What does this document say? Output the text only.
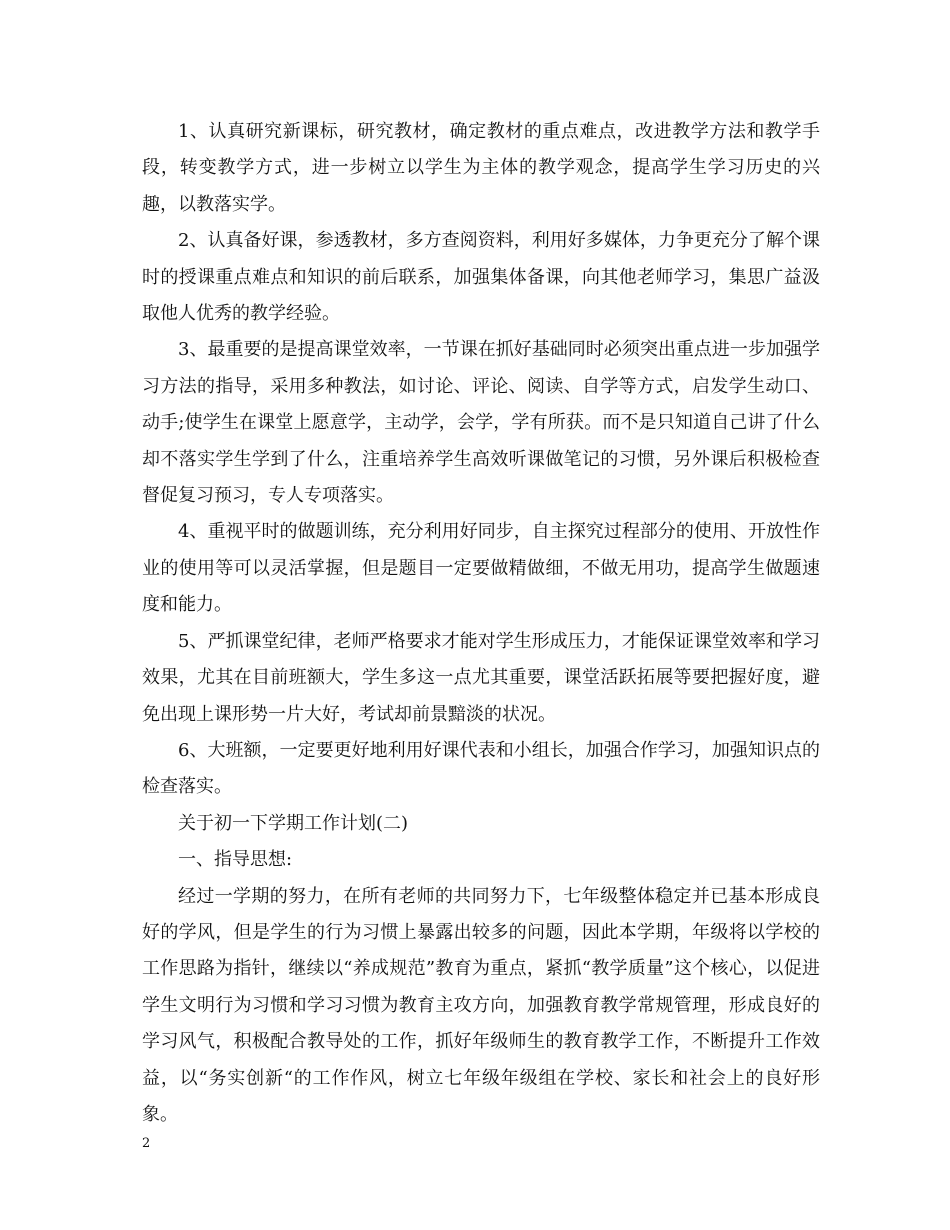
1、认真研究新课标，研究教材，确定教材的重点难点，改进教学方法和教学手段，转变教学方式，进一步树立以学生为主体的教学观念，提高学生学习历史的兴趣，以教落实学。

2、认真备好课，参透教材，多方查阅资料，利用好多媒体，力争更充分了解个课时的授课重点难点和知识的前后联系，加强集体备课，向其他老师学习，集思广益汲取他人优秀的教学经验。

3、最重要的是提高课堂效率，一节课在抓好基础同时必须突出重点进一步加强学习方法的指导，采用多种教法，如讨论、评论、阅读、自学等方式，启发学生动口、动手;使学生在课堂上愿意学，主动学，会学，学有所获。而不是只知道自己讲了什么却不落实学生学到了什么，注重培养学生高效听课做笔记的习惯，另外课后积极检查督促复习预习，专人专项落实。

4、重视平时的做题训练，充分利用好同步，自主探究过程部分的使用、开放性作业的使用等可以灵活掌握，但是题目一定要做精做细，不做无用功，提高学生做题速度和能力。

5、严抓课堂纪律，老师严格要求才能对学生形成压力，才能保证课堂效率和学习效果，尤其在目前班额大，学生多这一点尤其重要，课堂活跃拓展等要把握好度，避免出现上课形势一片大好，考试却前景黯淡的状况。

6、大班额，一定要更好地利用好课代表和小组长，加强合作学习，加强知识点的检查落实。

关于初一下学期工作计划(二)

一、指导思想:

经过一学期的努力，在所有老师的共同努力下，七年级整体稳定并已基本形成良好的学风，但是学生的行为习惯上暴露出较多的问题，因此本学期，年级将以学校的工作思路为指针，继续以“养成规范”教育为重点，紧抓“教学质量”这个核心，以促进学生文明行为习惯和学习习惯为教育主攻方向，加强教育教学常规管理，形成良好的学习风气，积极配合教导处的工作，抓好年级师生的教育教学工作，不断提升工作效益，以“务实创新“的工作作风，树立七年级年级组在学校、家长和社会上的良好形象。

2
